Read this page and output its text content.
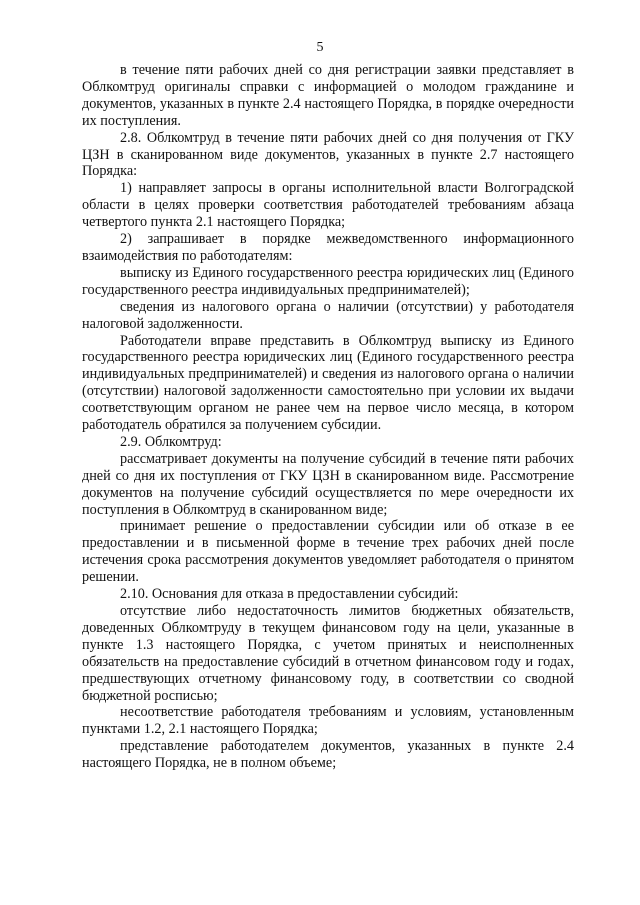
5

в течение пяти рабочих дней со дня регистрации заявки представляет в Облкомтруд оригиналы справки с информацией о молодом гражданине и документов, указанных в пункте 2.4 настоящего Порядка, в порядке очередности их поступления.

2.8. Облкомтруд в течение пяти рабочих дней со дня получения от ГКУ ЦЗН в сканированном виде документов, указанных в пункте 2.7 настоящего Порядка:

1) направляет запросы в органы исполнительной власти Волгоградской области в целях проверки соответствия работодателей требованиям абзаца четвертого пункта 2.1 настоящего Порядка;

2) запрашивает в порядке межведомственного информационного взаимодействия по работодателям:

выписку из Единого государственного реестра юридических лиц (Единого государственного реестра индивидуальных предпринимателей);

сведения из налогового органа о наличии (отсутствии) у работодателя налоговой задолженности.

Работодатели вправе представить в Облкомтруд выписку из Единого государственного реестра юридических лиц (Единого государственного реестра индивидуальных предпринимателей) и сведения из налогового органа о наличии (отсутствии) налоговой задолженности самостоятельно при условии их выдачи соответствующим органом не ранее чем на первое число месяца, в котором работодатель обратился за получением субсидии.

2.9. Облкомтруд:

рассматривает документы на получение субсидий в течение пяти рабочих дней со дня их поступления от ГКУ ЦЗН в сканированном виде. Рассмотрение документов на получение субсидий осуществляется по мере очередности их поступления в Облкомтруд в сканированном виде;

принимает решение о предоставлении субсидии или об отказе в ее предоставлении и в письменной форме в течение трех рабочих дней после истечения срока рассмотрения документов уведомляет работодателя о принятом решении.

2.10. Основания для отказа в предоставлении субсидий:

отсутствие либо недостаточность лимитов бюджетных обязательств, доведенных Облкомтруду в текущем финансовом году на цели, указанные в пункте 1.3 настоящего Порядка, с учетом принятых и неисполненных обязательств на предоставление субсидий в отчетном финансовом году и годах, предшествующих отчетному финансовому году, в соответствии со сводной бюджетной росписью;

несоответствие работодателя требованиям и условиям, установленным пунктами 1.2, 2.1 настоящего Порядка;

представление работодателем документов, указанных в пункте 2.4 настоящего Порядка, не в полном объеме;
